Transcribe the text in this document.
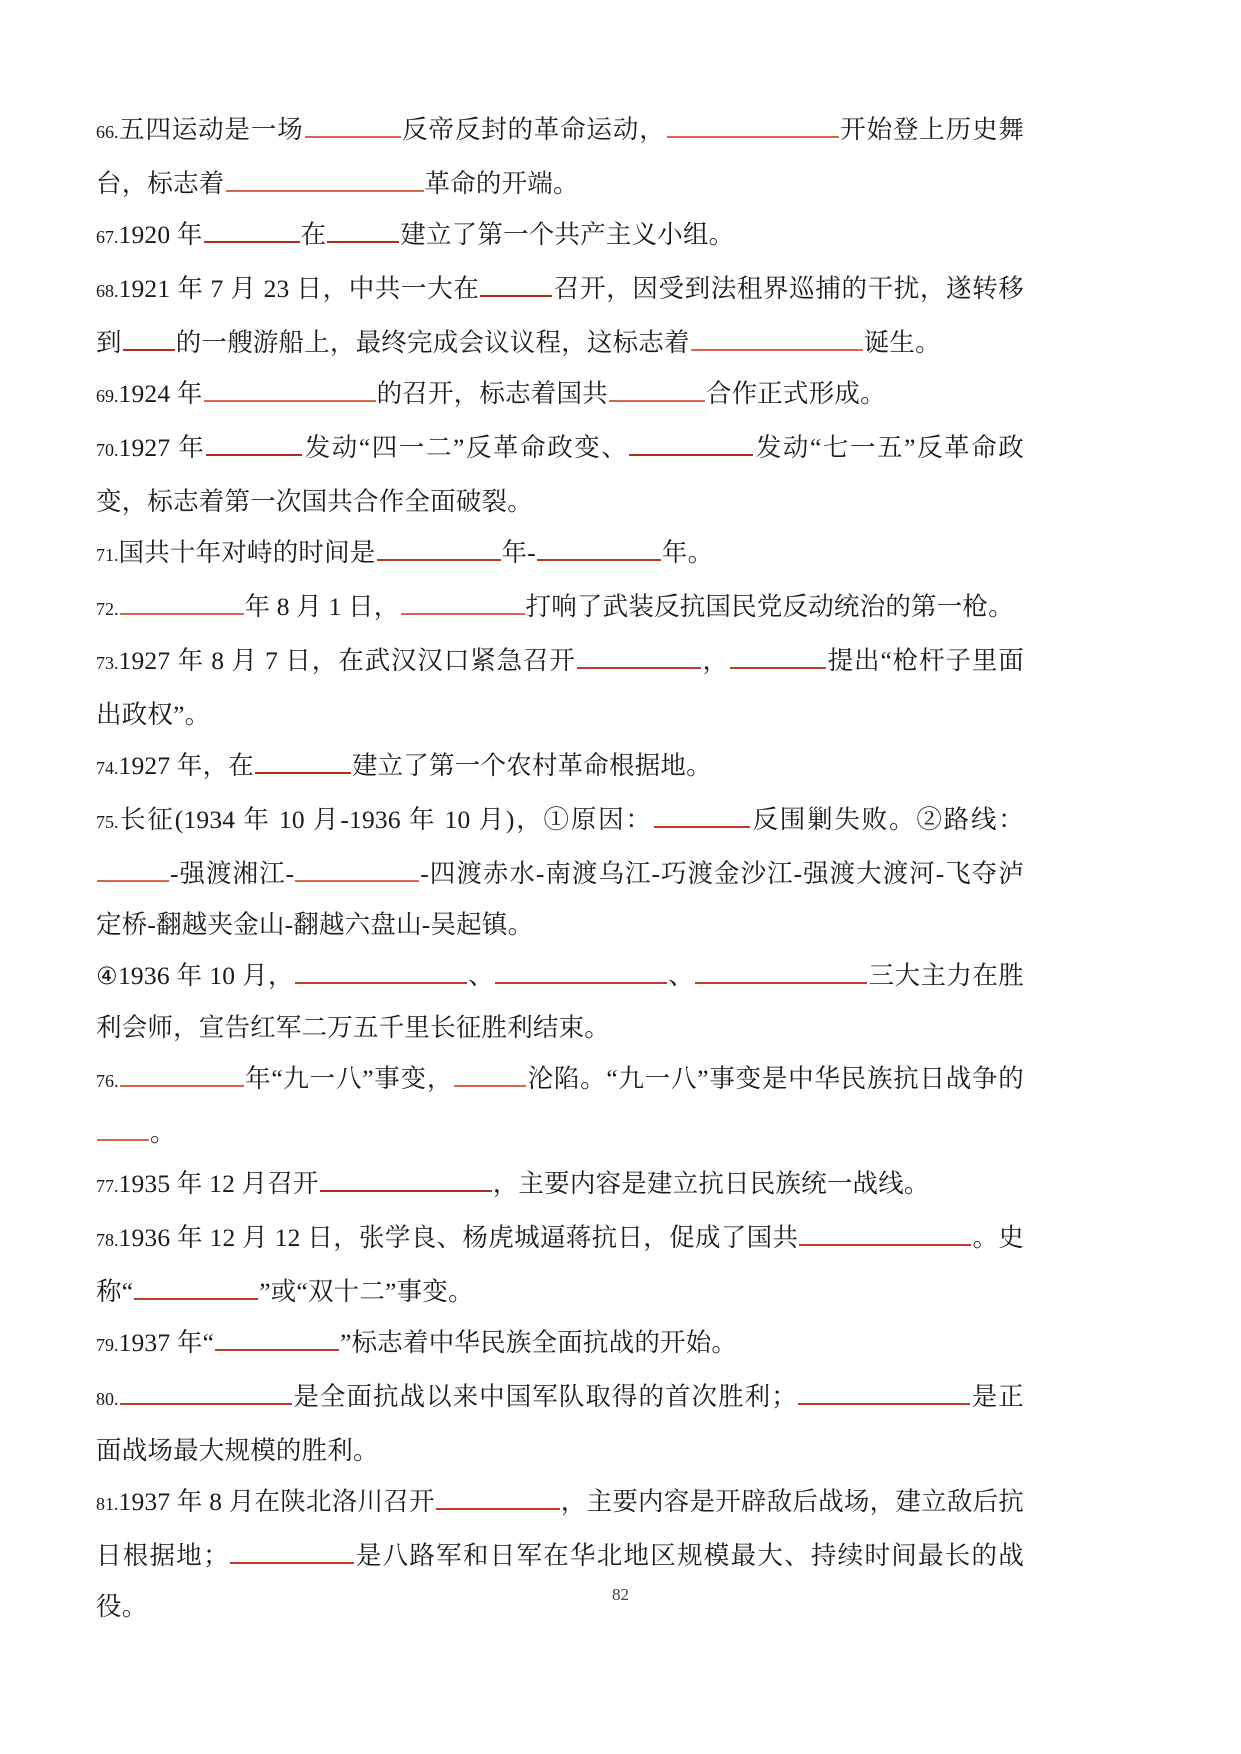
66.五四运动是一场	反帝反封的革命运动，	开始登上历史舞台，标志着	革命的开端。

67.1920 年	在	建立了第一个共产主义小组。

68.1921 年 7 月 23 日，中共一大在	召开，因受到法租界巡捕的干扰，遂转移到 的一艘游船上，最终完成会议议程，这标志着	诞生。

69.1924 年	的召开，标志着国共	合作正式形成。

70.1927 年	发动“四一二”反革命政变、	发动“七一五”反革命政变，标志着第一次国共合作全面破裂。

71.国共十年对峙的时间是	年-	年。

72.	年 8 月 1 日，	打响了武装反抗国民党反动统治的第一枪。

73.1927 年 8 月 7 日，在武汉汉口紧急召开	，	提出“枪杆子里面出政权”。

74.1927 年，在	建立了第一个农村革命根据地。

75.长征(1934 年 10 月-1936 年 10 月)，①原因：	反围剿失败。②路线： -强渡湘江-	-四渡赤水-南渡乌江-巧渡金沙江-强渡大渡河-飞夺泸定桥-翻越夹金山-翻越六盘山-吴起镇。

④1936 年 10 月，	、	、	三大主力在胜利会师，宣告红军二万五千里长征胜利结束。

76.	年“九一八”事变，	沦陷。“九一八”事变是中华民族抗日战争的 。

77.1935 年 12 月召开	，主要内容是建立抗日民族统一战线。

78.1936 年 12 月 12 日，张学良、杨虎城逼蒋抗日，促成了国共	。史称“	”或“双十二”事变。

79.1937 年“	”标志着中华民族全面抗战的开始。

80.	是全面抗战以来中国军队取得的首次胜利；	是正面战场最大规模的胜利。

81.1937 年 8 月在陕北洛川召开	，主要内容是开辟敌后战场，建立敌后抗日根据地；	是八路军和日军在华北地区规模最大、持续时间最长的战役。	82
